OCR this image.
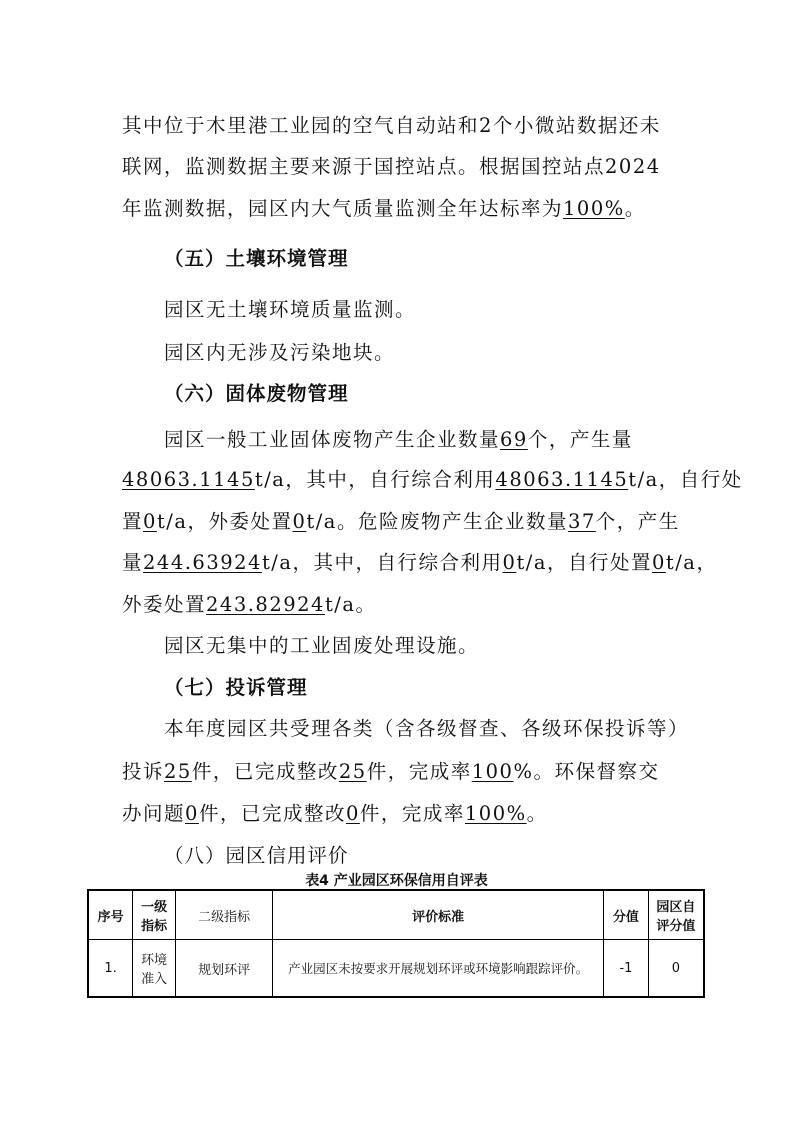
其中位于木里港工业园的空气自动站和2个小微站数据还未
联网，监测数据主要来源于国控站点。根据国控站点2024
年监测数据，园区内大气质量监测全年达标率为100%。
（五）土壤环境管理
园区无土壤环境质量监测。
园区内无涉及污染地块。
（六）固体废物管理
园区一般工业固体废物产生企业数量69个，产生量
48063.1145t/a，其中，自行综合利用48063.1145t/a，自行处
置0t/a，外委处置0t/a。危险废物产生企业数量37个，产生
量244.63924t/a，其中，自行综合利用0t/a，自行处置0t/a，
外委处置243.82924t/a。
园区无集中的工业固废处理设施。
（七）投诉管理
本年度园区共受理各类（含各级督查、各级环保投诉等）
投诉25件，已完成整改25件，完成率100%。环保督察交
办问题0件，已完成整改0件，完成率100%。
（八）园区信用评价
表4 产业园区环保信用自评表
序号	一级指标	二级指标	评价标准	分值	园区自评分值
1.	环境准入	规划环评	产业园区未按要求开展规划环评或环境影响跟踪评价。	-1	0
